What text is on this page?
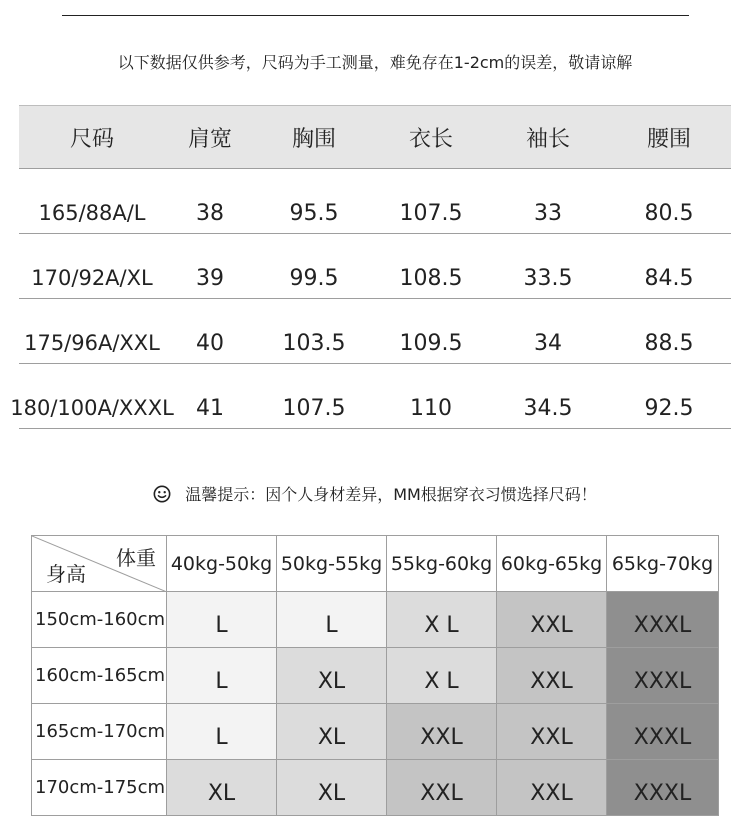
以下数据仅供参考，尺码为手工测量，难免存在1-2cm的误差，敬请谅解
尺码	肩宽	胸围	衣长	袖长	腰围
165/88A/L	38	95.5	107.5	33	80.5
170/92A/XL	39	99.5	108.5	33.5	84.5
175/96A/XXL	40	103.5	109.5	34	88.5
180/100A/XXXL	41	107.5	110	34.5	92.5
温馨提示：因个人身材差异，MM根据穿衣习惯选择尺码！
体重
身高	40kg-50kg	50kg-55kg	55kg-60kg	60kg-65kg	65kg-70kg
150cm-160cm	L	L	X L	XXL	XXXL
160cm-165cm	L	XL	X L	XXL	XXXL
165cm-170cm	L	XL	XXL	XXL	XXXL
170cm-175cm	XL	XL	XXL	XXL	XXXL
